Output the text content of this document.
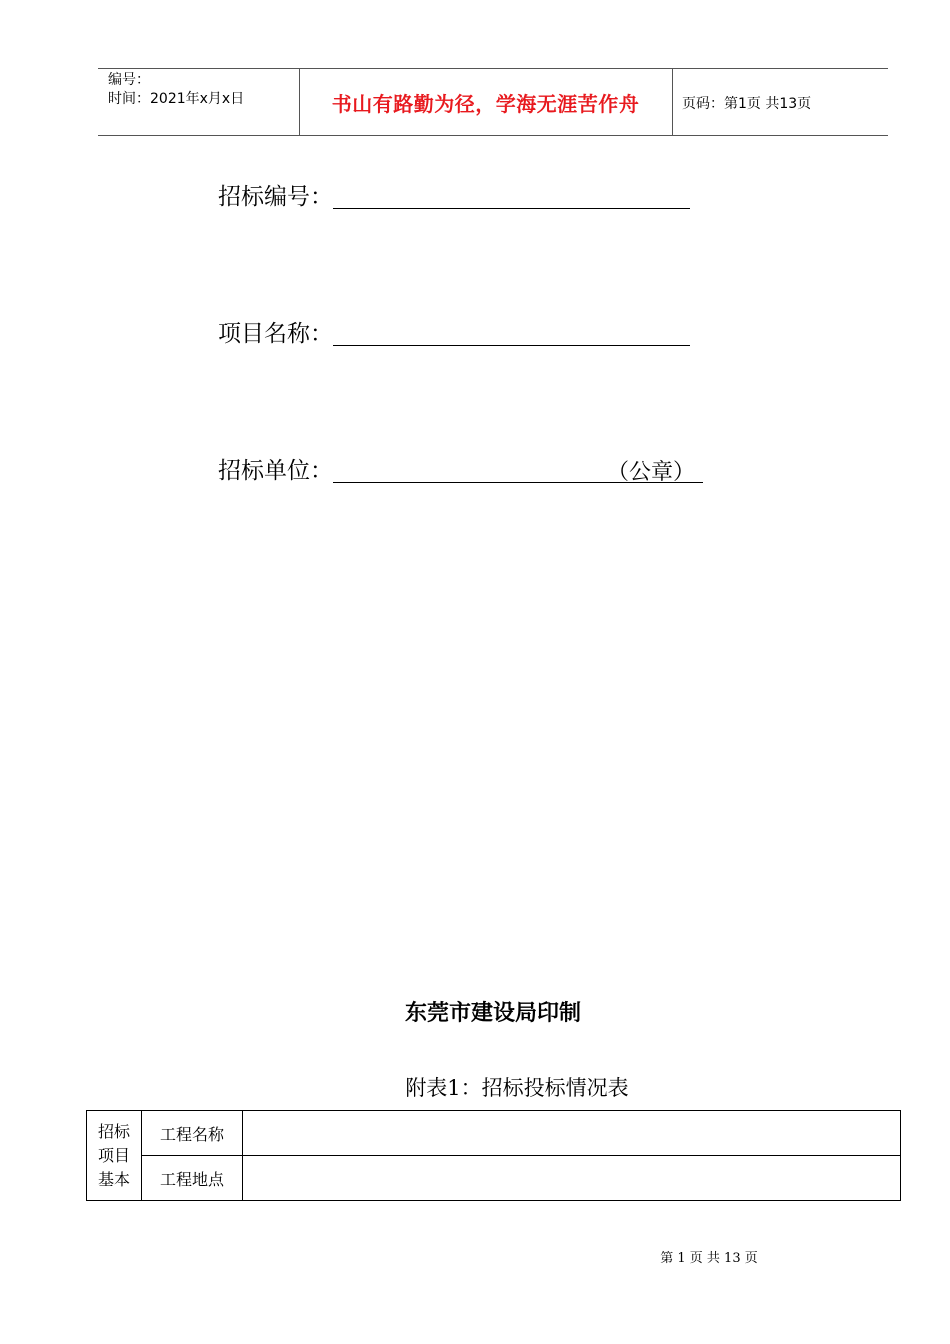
编号：
时间：2021年x月x日	书山有路勤为径，学海无涯苦作舟	页码：第1页 共13页
招标编号：
项目名称：
招标单位：	（公章）
东莞市建设局印制
附表1：招标投标情况表
招标
项目
基本	工程名称	
	工程地点	
第 1 页 共 13 页
